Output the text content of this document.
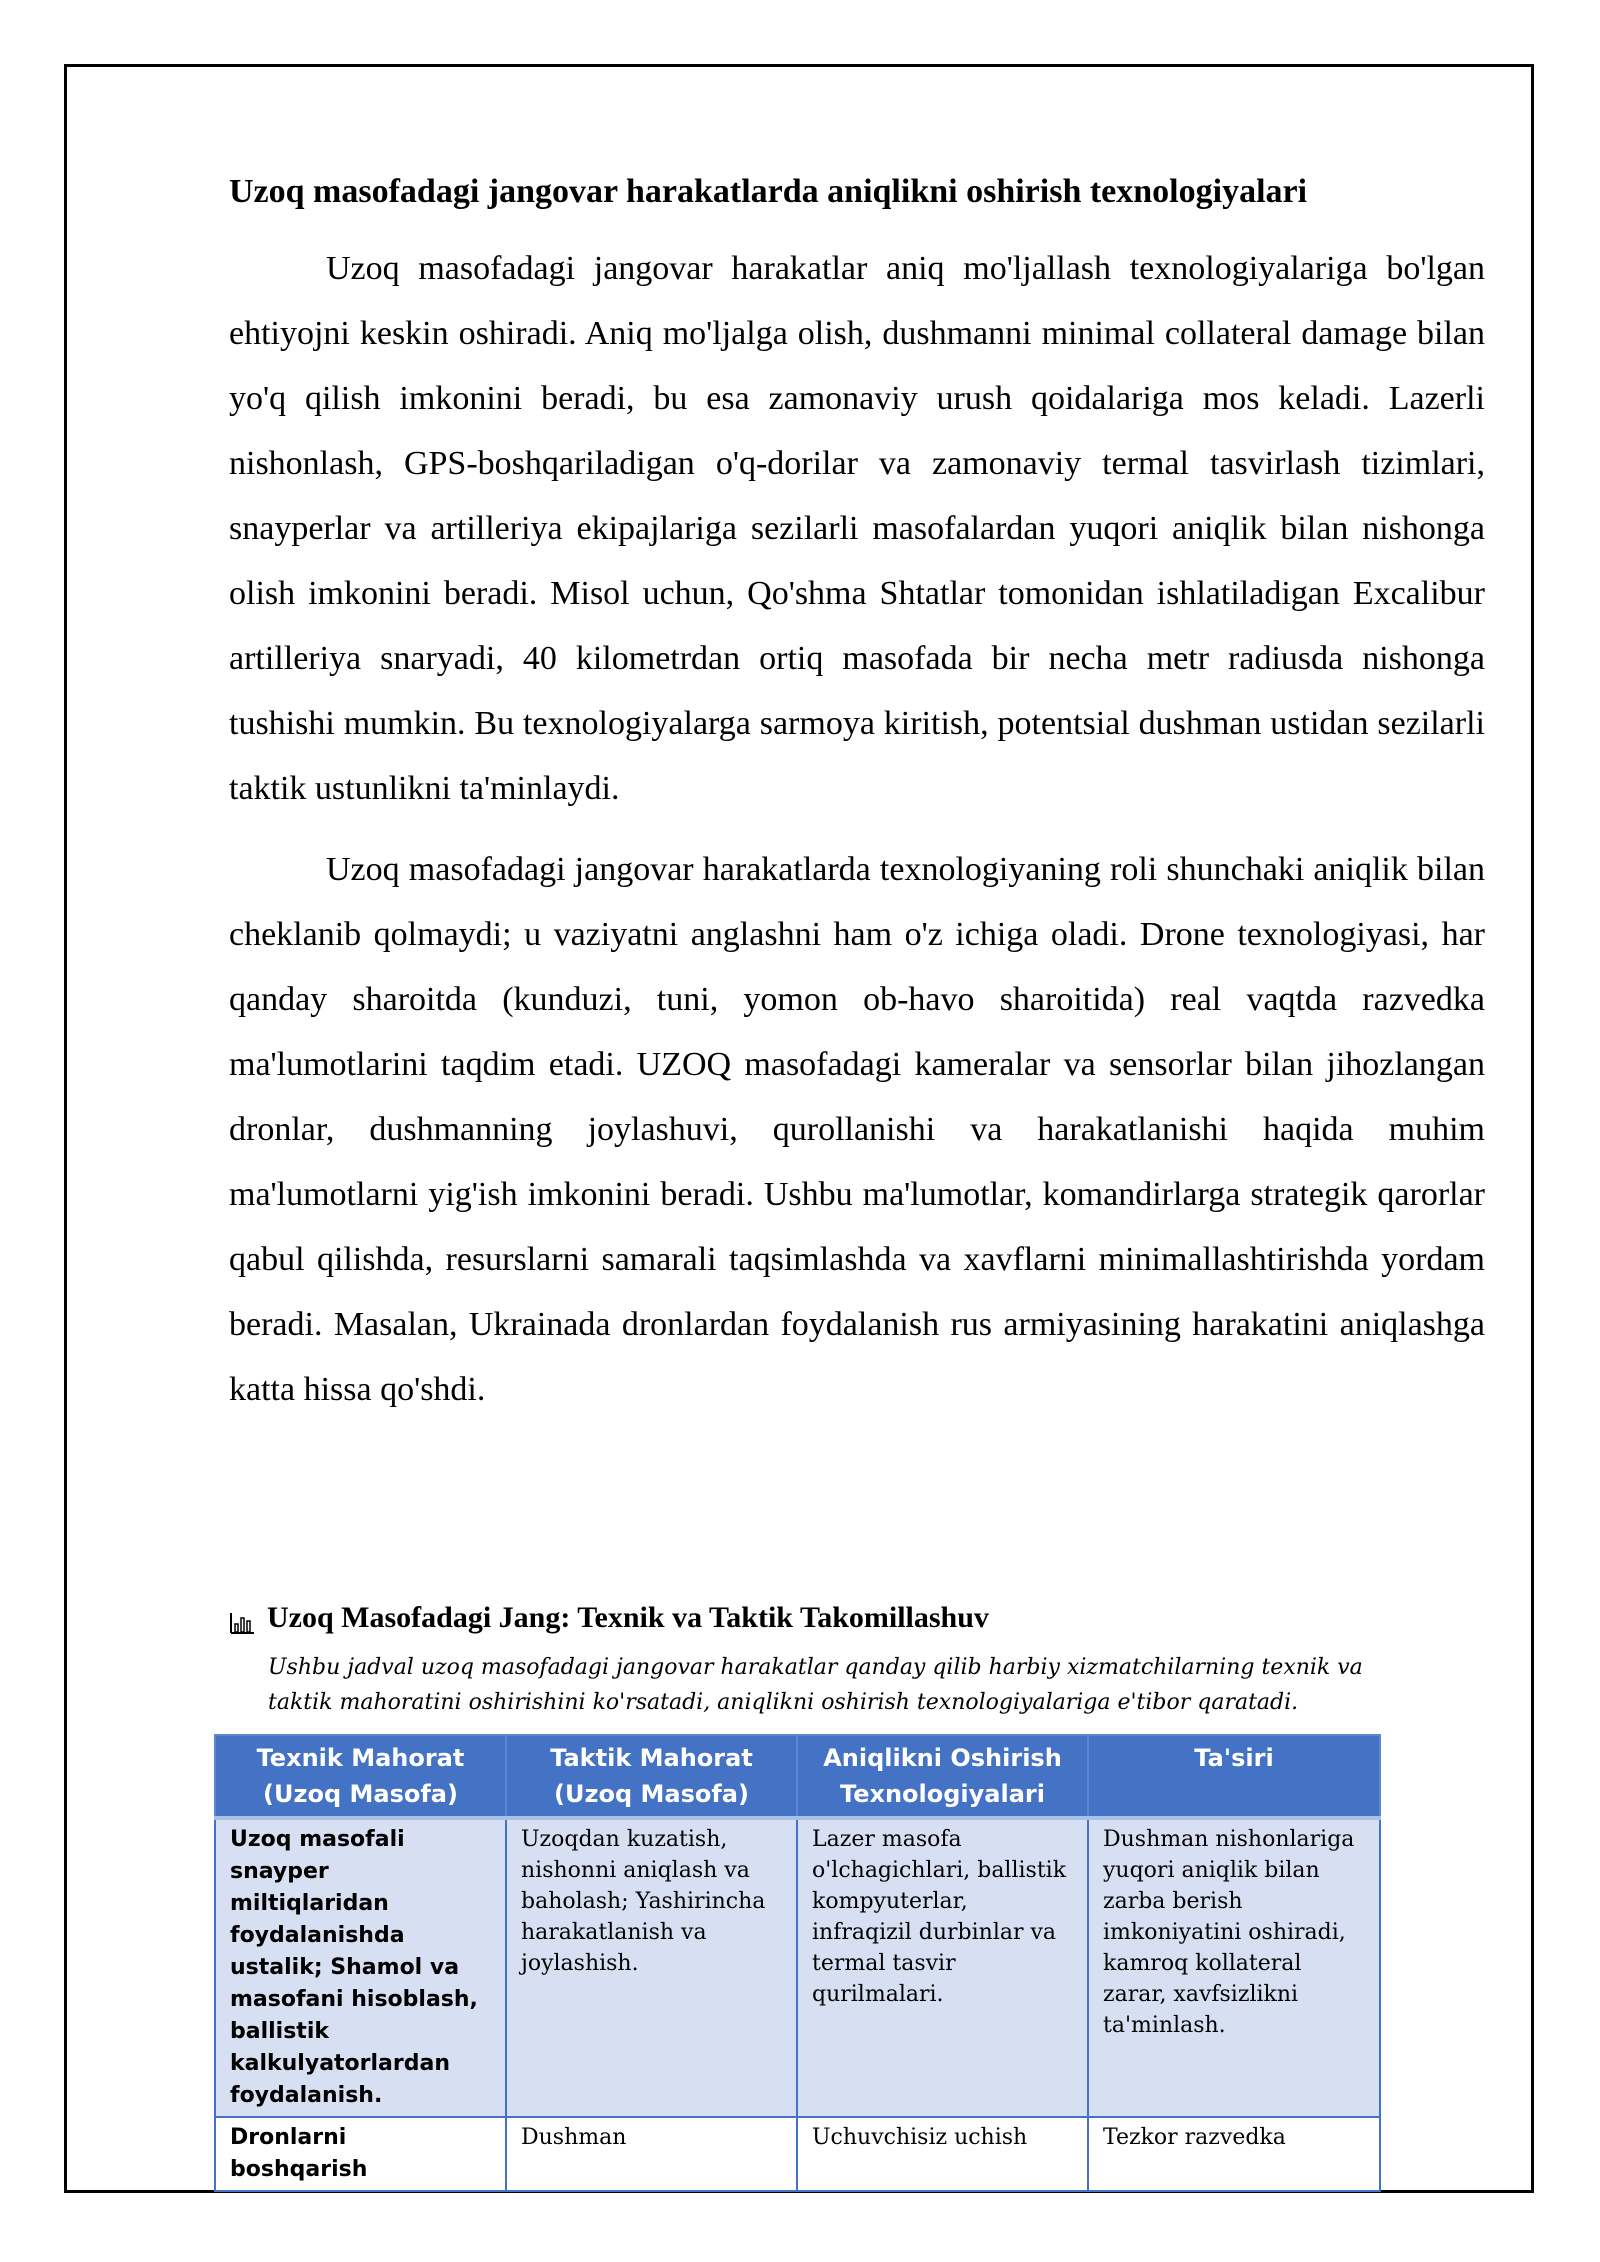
Uzoq masofadagi jangovar harakatlarda aniqlikni oshirish texnologiyalari

Uzoq masofadagi jangovar harakatlar aniq mo'ljallash texnologiyalariga bo'lgan ehtiyojni keskin oshiradi. Aniq mo'ljalga olish, dushmanni minimal collateral damage bilan yo'q qilish imkonini beradi, bu esa zamonaviy urush qoidalariga mos keladi. Lazerli nishonlash, GPS-boshqariladigan o'q-dorilar va zamonaviy termal tasvirlash tizimlari, snayperlar va artilleriya ekipajlariga sezilarli masofalardan yuqori aniqlik bilan nishonga olish imkonini beradi. Misol uchun, Qo'shma Shtatlar tomonidan ishlatiladigan Excalibur artilleriya snaryadi, 40 kilometrdan ortiq masofada bir necha metr radiusda nishonga tushishi mumkin. Bu texnologiyalarga sarmoya kiritish, potentsial dushman ustidan sezilarli taktik ustunlikni ta'minlaydi.

Uzoq masofadagi jangovar harakatlarda texnologiyaning roli shunchaki aniqlik bilan cheklanib qolmaydi; u vaziyatni anglashni ham o'z ichiga oladi. Drone texnologiyasi, har qanday sharoitda (kunduzi, tuni, yomon ob-havo sharoitida) real vaqtda razvedka ma'lumotlarini taqdim etadi. UZOQ masofadagi kameralar va sensorlar bilan jihozlangan dronlar, dushmanning joylashuvi, qurollanishi va harakatlanishi haqida muhim ma'lumotlarni yig'ish imkonini beradi. Ushbu ma'lumotlar, komandirlarga strategik qarorlar qabul qilishda, resurslarni samarali taqsimlashda va xavflarni minimallashtirishda yordam beradi. Masalan, Ukrainada dronlardan foydalanish rus armiyasining harakatini aniqlashga katta hissa qo'shdi.

Uzoq Masofadagi Jang: Texnik va Taktik Takomillashuv
Ushbu jadval uzoq masofadagi jangovar harakatlar qanday qilib harbiy xizmatchilarning texnik va taktik mahoratini oshirishini ko'rsatadi, aniqlikni oshirish texnologiyalariga e'tibor qaratadi.
Texnik Mahorat (Uzoq Masofa)	Taktik Mahorat (Uzoq Masofa)	Aniqlikni Oshirish Texnologiyalari	Ta'siri
Uzoq masofali snayper miltiqlaridan foydalanishda ustalik; Shamol va masofani hisoblash, ballistik kalkulyatorlardan foydalanish.	Uzoqdan kuzatish, nishonni aniqlash va baholash; Yashirincha harakatlanish va joylashish.	Lazer masofa o'lchagichlari, ballistik kompyuterlar, infraqizil durbinlar va termal tasvir qurilmalari.	Dushman nishonlariga yuqori aniqlik bilan zarba berish imkoniyatini oshiradi, kamroq kollateral zarar, xavfsizlikni ta'minlash.
Dronlarni boshqarish	Dushman	Uchuvchisiz uchish	Tezkor razvedka
